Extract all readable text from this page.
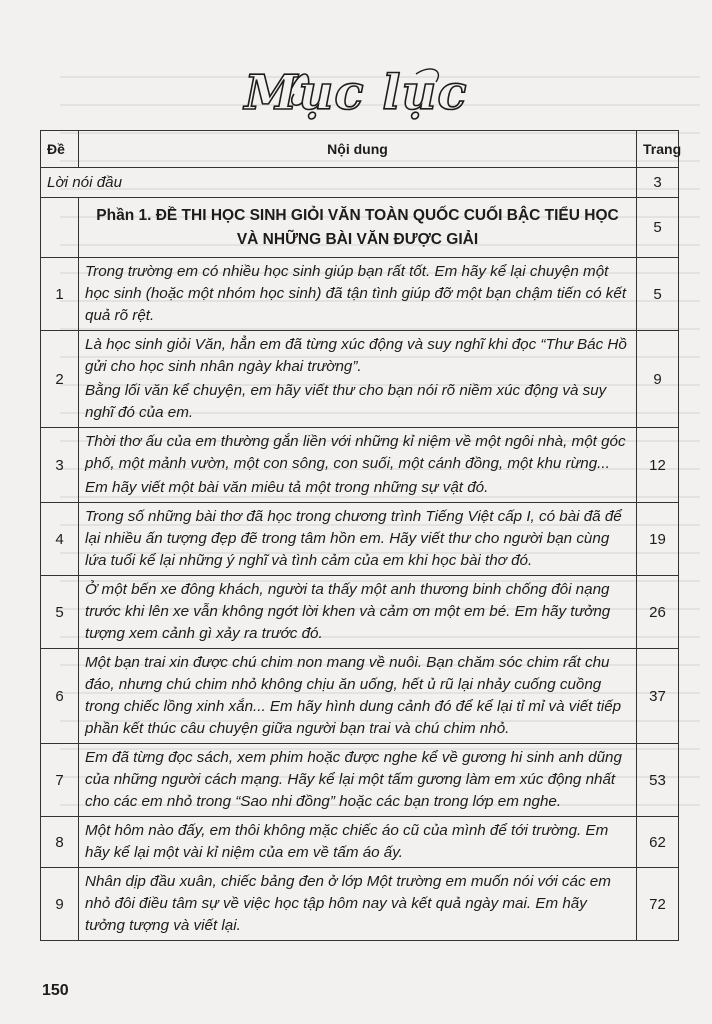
Mục lục
Đề	Nội dung	Trang
Lời nói đầu		3

	Phần 1. ĐỀ THI HỌC SINH GIỎI VĂN TOÀN QUỐC CUỐI BẬC TIỂU HỌC
VÀ NHỮNG BÀI VĂN ĐƯỢC GIẢI	5
1	Trong trường em có nhiều học sinh giúp bạn rất tốt. Em hãy kể lại chuyện một học sinh (hoặc một nhóm học sinh) đã tận tình giúp đỡ một bạn chậm tiến có kết quả rõ rệt.	5
2	Là học sinh giỏi Văn, hẳn em đã từng xúc động và suy nghĩ khi đọc “Thư Bác Hồ gửi cho học sinh nhân ngày khai trường”.

Bằng lối văn kể chuyện, em hãy viết thư cho bạn nói rõ niềm xúc động và suy nghĩ đó của em.	9
3	Thời thơ ấu của em thường gắn liền với những kỉ niệm về một ngôi nhà, một góc phố, một mảnh vườn, một con sông, con suối, một cánh đồng, một khu rừng...

Em hãy viết một bài văn miêu tả một trong những sự vật đó.	12
4	Trong số những bài thơ đã học trong chương trình Tiếng Việt cấp I, có bài đã để lại nhiều ấn tượng đẹp đẽ trong tâm hồn em. Hãy viết thư cho người bạn cùng lứa tuổi kể lại những ý nghĩ và tình cảm của em khi học bài thơ đó.	19
5	Ở một bến xe đông khách, người ta thấy một anh thương binh chống đôi nạng trước khi lên xe vẫn không ngớt lời khen và cảm ơn một em bé. Em hãy tưởng tượng xem cảnh gì xảy ra trước đó.	26
6	Một bạn trai xin được chú chim non mang về nuôi. Bạn chăm sóc chim rất chu đáo, nhưng chú chim nhỏ không chịu ăn uống, hết ủ rũ lại nhảy cuống cuồng trong chiếc lồng xinh xắn... Em hãy hình dung cảnh đó để kể lại tỉ mỉ và viết tiếp phần kết thúc câu chuyện giữa người bạn trai và chú chim nhỏ.	37
7	Em đã từng đọc sách, xem phim hoặc được nghe kể về gương hi sinh anh dũng của những người cách mạng. Hãy kể lại một tấm gương làm em xúc động nhất cho các em nhỏ trong “Sao nhi đồng” hoặc các bạn trong lớp em nghe.	53
8	Một hôm nào đấy, em thôi không mặc chiếc áo cũ của mình để tới trường. Em hãy kể lại một vài kỉ niệm của em về tấm áo ấy.	62
9	Nhân dịp đầu xuân, chiếc bảng đen ở lớp Một trường em muốn nói với các em nhỏ đôi điều tâm sự về việc học tập hôm nay và kết quả ngày mai. Em hãy tưởng tượng và viết lại.	72
150
